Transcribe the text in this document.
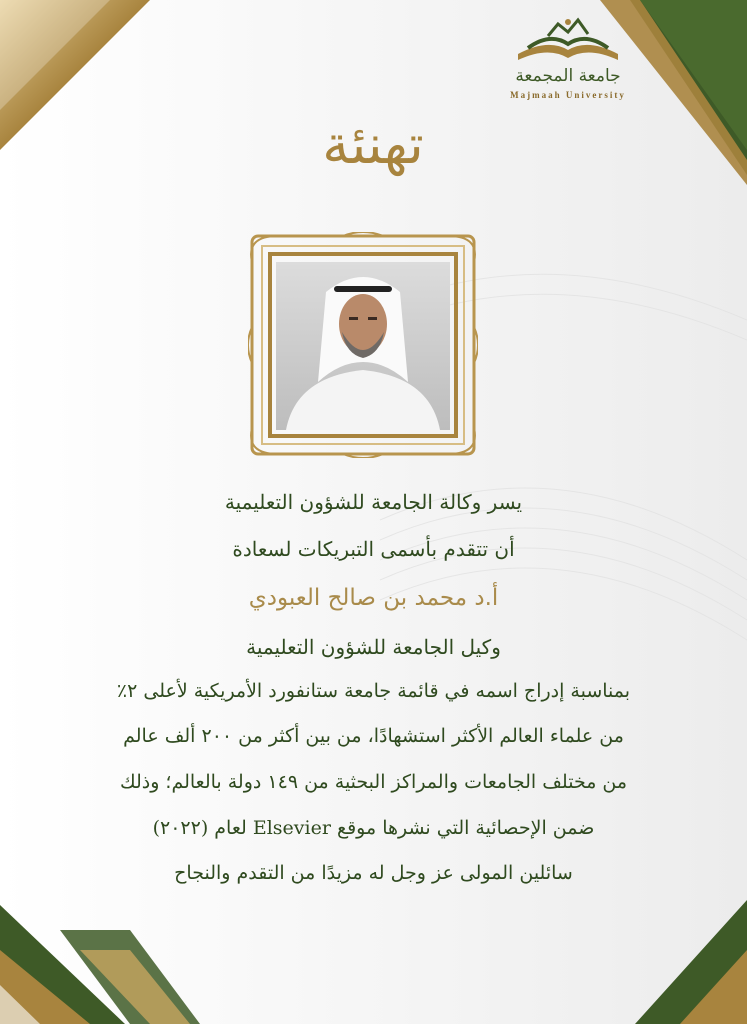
جامعة المجمعة
Majmaah University
تهنئة
يسر وكالة الجامعة للشؤون التعليمية
أن تتقدم بأسمى التبريكات لسعادة
أ.د محمد بن صالح العبودي
وكيل الجامعة للشؤون التعليمية
بمناسبة إدراج اسمه في قائمة جامعة ستانفورد الأمريكية لأعلى ٢٪
من علماء العالم الأكثر استشهادًا، من بين أكثر من ٢٠٠ ألف عالم
من مختلف الجامعات والمراكز البحثية من ١٤٩ دولة بالعالم؛ وذلك
ضمن الإحصائية التي نشرها موقع Elsevier لعام (٢٠٢٢)
سائلين المولى عز وجل له مزيدًا من التقدم والنجاح
